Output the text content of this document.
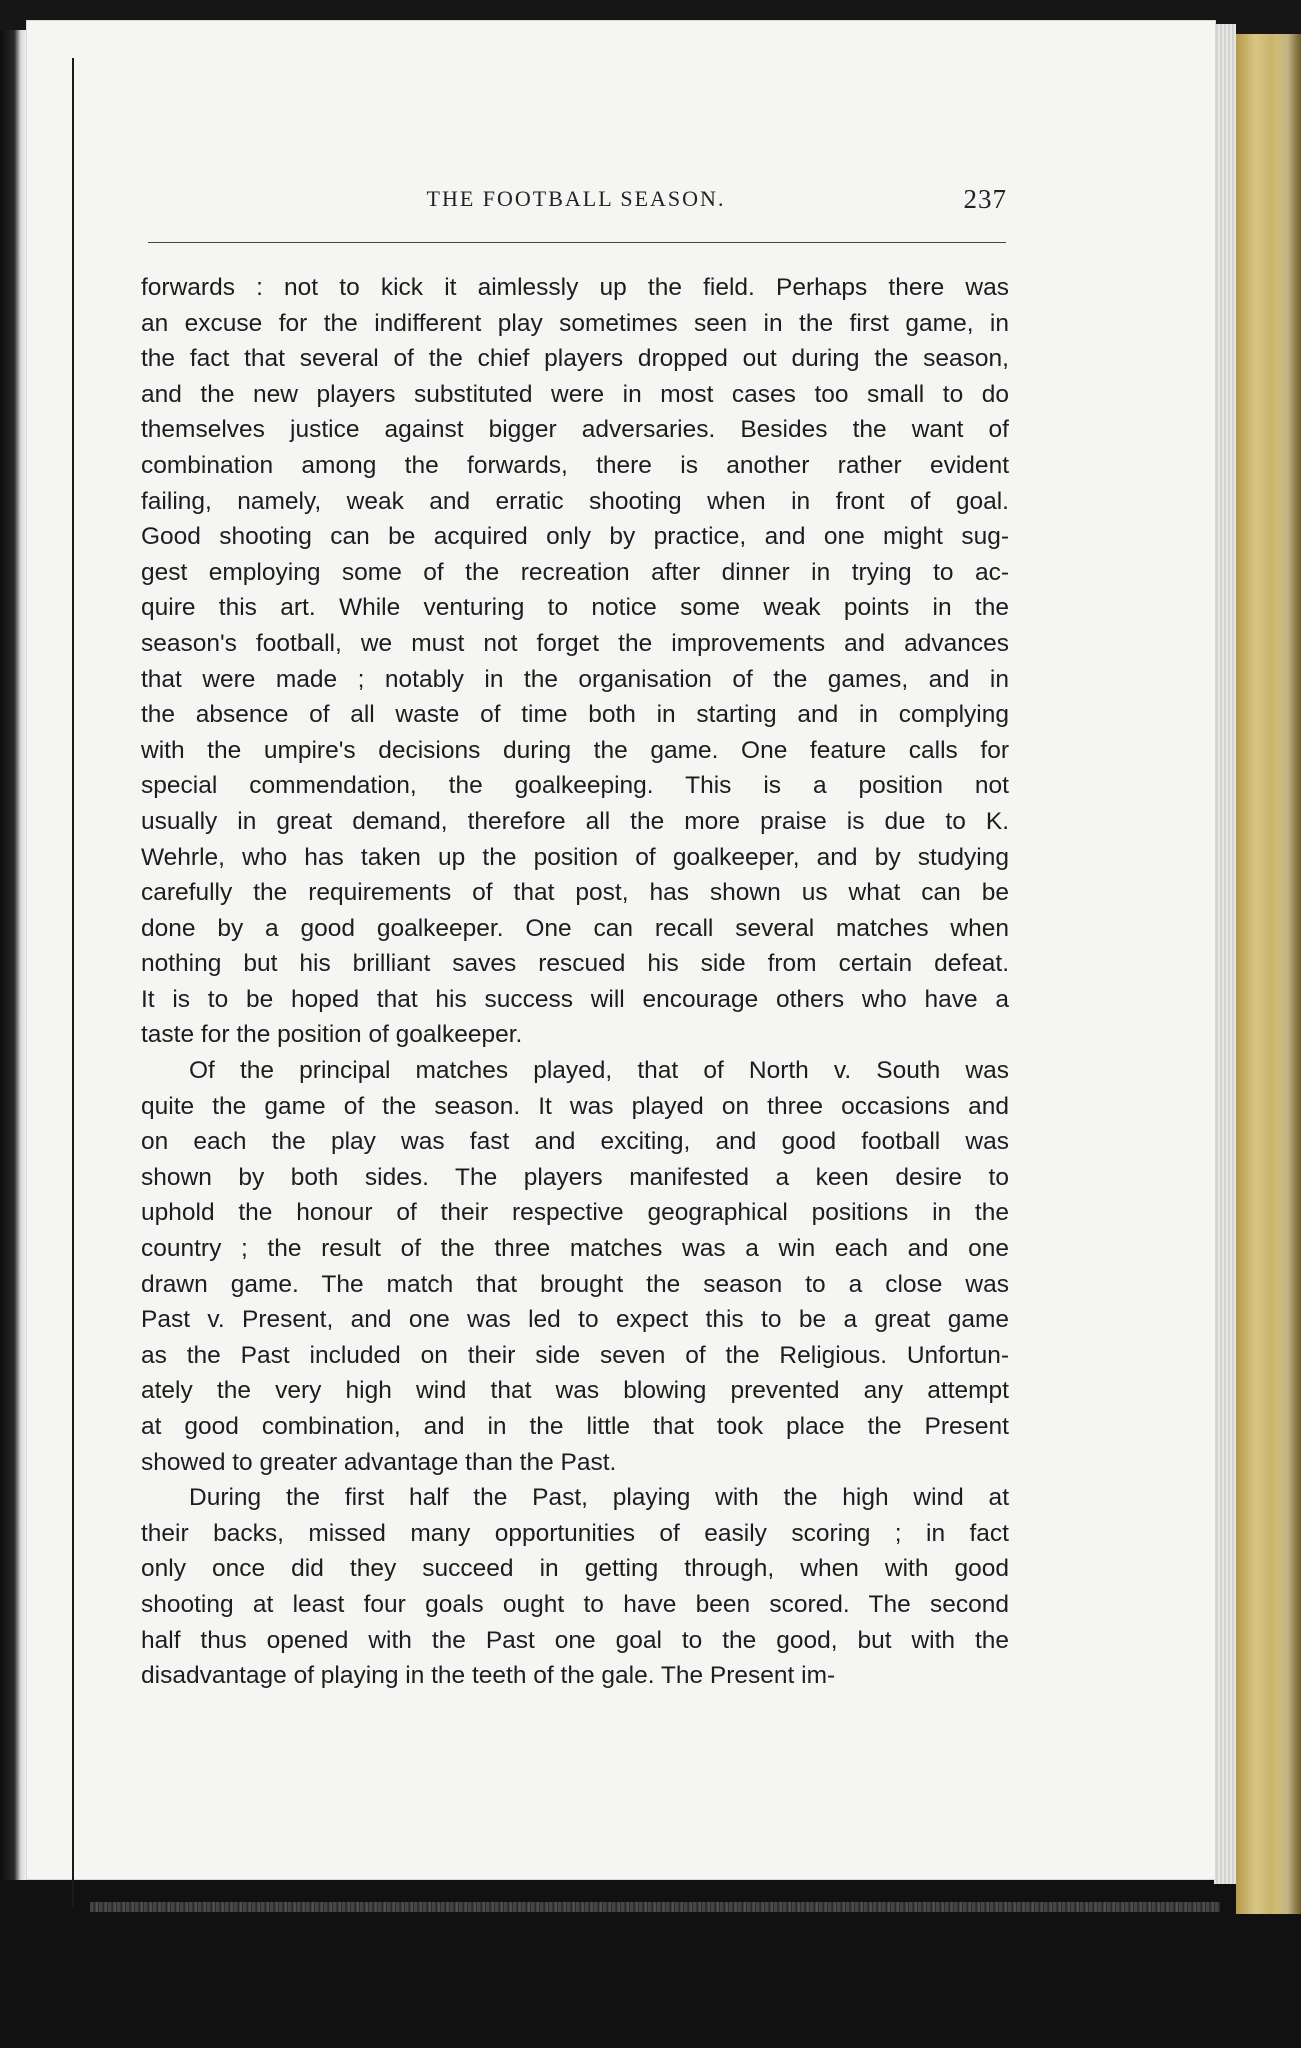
THE FOOTBALL SEASON.	237
forwards : not to kick it aimlessly up the field. Perhaps there was
an excuse for the indifferent play sometimes seen in the first game, in
the fact that several of the chief players dropped out during the season,
and the new players substituted were in most cases too small to do
themselves justice against bigger adversaries. Besides the want of
combination among the forwards, there is another rather evident
failing, namely, weak and erratic shooting when in front of goal.
Good shooting can be acquired only by practice, and one might sug-
gest employing some of the recreation after dinner in trying to ac-
quire this art. While venturing to notice some weak points in the
season's football, we must not forget the improvements and advances
that were made ; notably in the organisation of the games, and in
the absence of all waste of time both in starting and in complying
with the umpire's decisions during the game. One feature calls for
special commendation, the goalkeeping. This is a position not
usually in great demand, therefore all the more praise is due to K.
Wehrle, who has taken up the position of goalkeeper, and by studying
carefully the requirements of that post, has shown us what can be
done by a good goalkeeper. One can recall several matches when
nothing but his brilliant saves rescued his side from certain defeat.
It is to be hoped that his success will encourage others who have a
taste for the position of goalkeeper.
Of the principal matches played, that of North v. South was
quite the game of the season. It was played on three occasions and
on each the play was fast and exciting, and good football was
shown by both sides. The players manifested a keen desire to
uphold the honour of their respective geographical positions in the
country ; the result of the three matches was a win each and one
drawn game. The match that brought the season to a close was
Past v. Present, and one was led to expect this to be a great game
as the Past included on their side seven of the Religious. Unfortun-
ately the very high wind that was blowing prevented any attempt
at good combination, and in the little that took place the Present
showed to greater advantage than the Past.
During the first half the Past, playing with the high wind at
their backs, missed many opportunities of easily scoring ; in fact
only once did they succeed in getting through, when with good
shooting at least four goals ought to have been scored. The second
half thus opened with the Past one goal to the good, but with the
disadvantage of playing in the teeth of the gale. The Present im-
